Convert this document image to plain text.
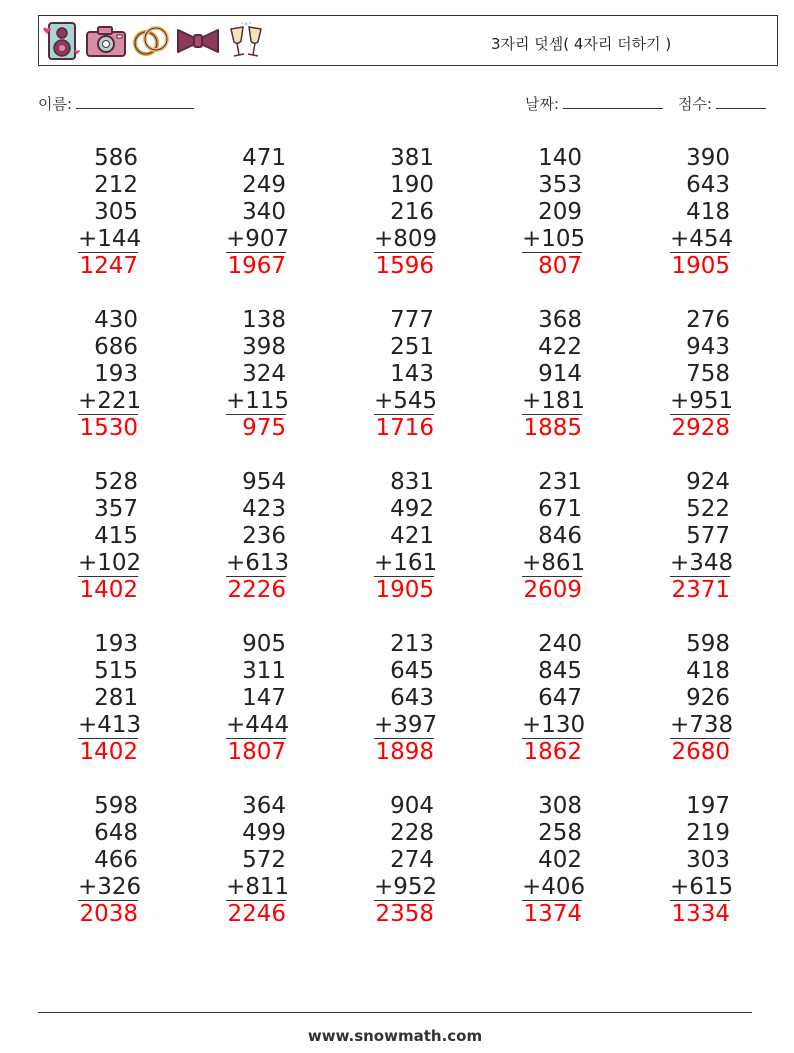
3자리 덧셈( 4자리 더하기 )
이름:	날짜:	점수:
586
212
305
+144
1247
471
249
340
+907
1967
381
190
216
+809
1596
140
353
209
+105
807
390
643
418
+454
1905
430
686
193
+221
1530
138
398
324
+115
975
777
251
143
+545
1716
368
422
914
+181
1885
276
943
758
+951
2928
528
357
415
+102
1402
954
423
236
+613
2226
831
492
421
+161
1905
231
671
846
+861
2609
924
522
577
+348
2371
193
515
281
+413
1402
905
311
147
+444
1807
213
645
643
+397
1898
240
845
647
+130
1862
598
418
926
+738
2680
598
648
466
+326
2038
364
499
572
+811
2246
904
228
274
+952
2358
308
258
402
+406
1374
197
219
303
+615
1334
www.snowmath.com
